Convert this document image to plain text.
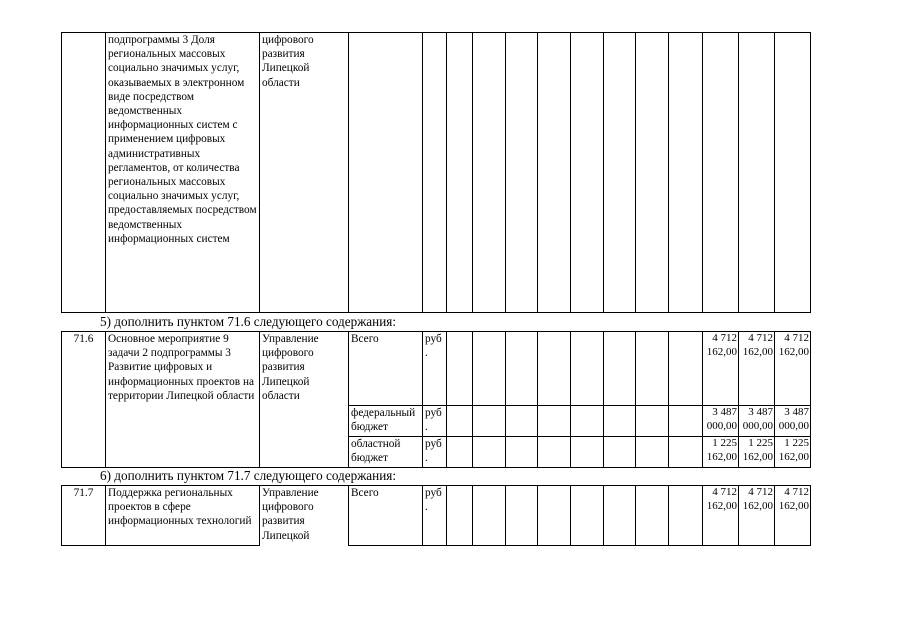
	подпрограммы 3 Доля региональных массовых социально значимых услуг, оказываемых в электронном виде посредством ведомственных информационных систем с применением цифровых административных регламентов, от количества региональных массовых социально значимых услуг, предоставляемых посредством ведомственных информационных систем	цифрового развития Липецкой области													
5) дополнить пунктом 71.6 следующего содержания:
71.6	Основное мероприятие 9 задачи 2 подпрограммы 3 Развитие цифровых и информационных проектов на территории Липецкой области	Управление цифрового развития Липецкой области	Всего	руб.									4 712 162,00	4 712 162,00	4 712 162,00
			федеральный бюджет	руб.									3 487 000,00	3 487 000,00	3 487 000,00
			областной бюджет	руб.									1 225 162,00	1 225 162,00	1 225 162,00
6) дополнить пунктом 71.7 следующего содержания:
71.7	Поддержка региональных проектов в сфере информационных технологий	Управление цифрового развития Липецкой	Всего	руб.									4 712 162,00	4 712 162,00	4 712 162,00
